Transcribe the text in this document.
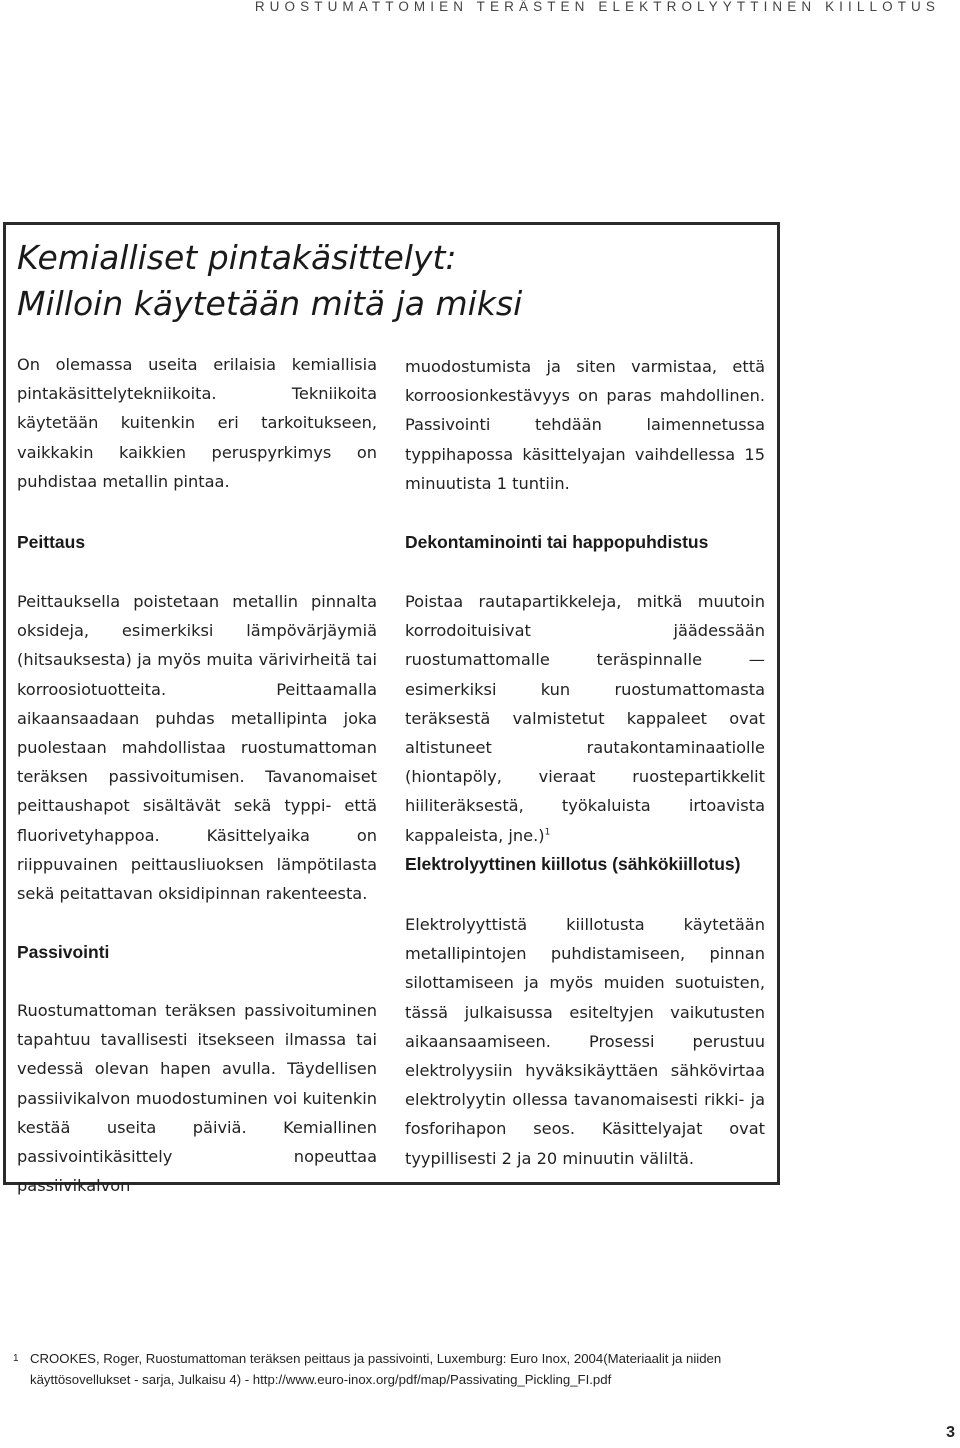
RUOSTUMATTOMIEN TERÄSTEN ELEKTROLYYTTINEN KIILLOTUS
Kemialliset pintakäsittelyt:
Milloin käytetään mitä ja miksi

On olemassa useita erilaisia kemiallisia pintakäsittelytekniikoita. Tekniikoita käytetään kuitenkin eri tarkoitukseen, vaikkakin kaikkien peruspyrkimys on puhdistaa metallin pintaa.

Peittaus

Peittauksella poistetaan metallin pinnalta oksideja, esimerkiksi lämpövärjäymiä (hitsauksesta) ja myös muita värivirheitä tai korroosiotuotteita. Peittaamalla aikaansaadaan puhdas metallipinta joka puolestaan mahdollistaa ruostumattoman teräksen passivoitumisen. Tavanomaiset peittaushapot sisältävät sekä typpi- että fluorivetyhappoa. Käsittelyaika on riippuvainen peittausliuoksen lämpötilasta sekä peitattavan oksidipinnan rakenteesta.

Passivointi

Ruostumattoman teräksen passivoituminen tapahtuu tavallisesti itsekseen ilmassa tai vedessä olevan hapen avulla. Täydellisen passiivikalvon muodostuminen voi kuitenkin kestää useita päiviä. Kemiallinen passivointikäsittely nopeuttaa passiivikalvon

muodostumista ja siten varmistaa, että korroosionkestävyys on paras mahdollinen. Passivointi tehdään laimennetussa typpihapossa käsittelyajan vaihdellessa 15 minuutista 1 tuntiin.

Dekontaminointi tai happopuhdistus

Poistaa rautapartikkeleja, mitkä muutoin korrodoituisivat jäädessään ruostumattomalle teräspinnalle — esimerkiksi kun ruostumattomasta teräksestä valmistetut kappaleet ovat altistuneet rautakontaminaatiolle (hiontapöly, vieraat ruostepartikkelit hiiliteräksestä, työkaluista irtoavista kappaleista, jne.)$^1$

Elektrolyyttinen kiillotus (sähkökiillotus)

Elektrolyyttistä kiillotusta käytetään metallipintojen puhdistamiseen, pinnan silottamiseen ja myös muiden suotuisten, tässä julkaisussa esiteltyjen vaikutusten aikaansaamiseen. Prosessi perustuu elektrolyysiin hyväksikäyttäen sähkövirtaa elektrolyytin ollessa tavanomaisesti rikki- ja fosforihapon seos. Käsittelyajat ovat tyypillisesti 2 ja 20 minuutin väliltä.

1 CROOKES, Roger, Ruostumattoman teräksen peittaus ja passivointi, Luxemburg: Euro Inox, 2004(Materiaalit ja niiden käyttösovellukset - sarja, Julkaisu 4) - http://www.euro-inox.org/pdf/map/Passivating_Pickling_FI.pdf
3
